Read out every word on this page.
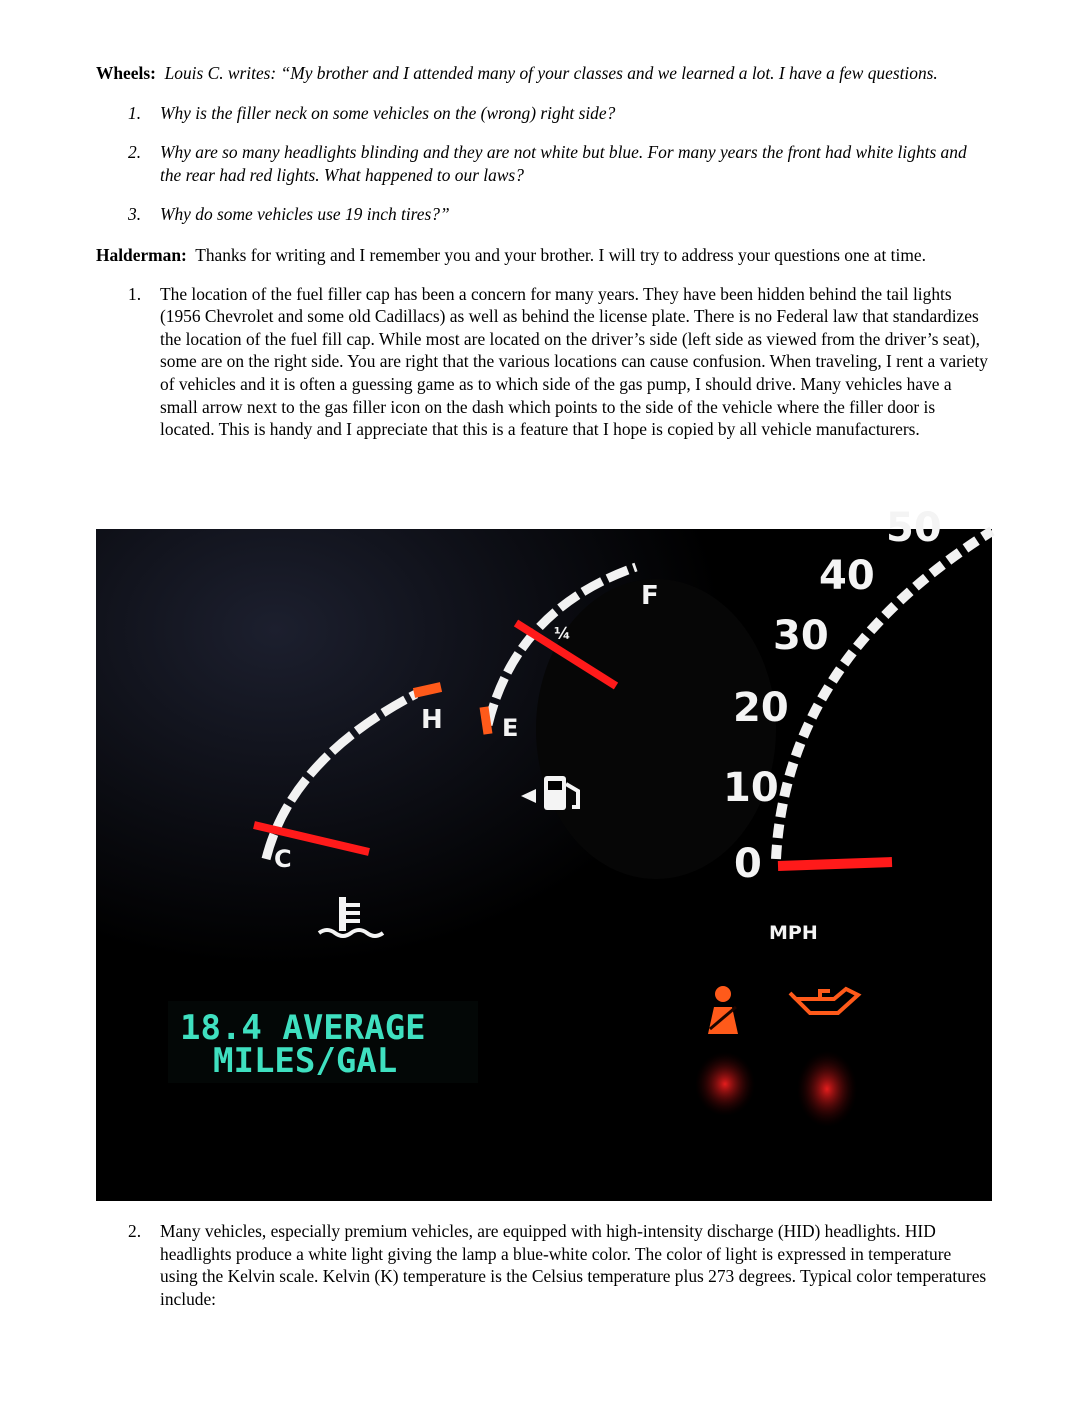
Wheels: Louis C. writes: “My brother and I attended many of your classes and we learned a lot. I have a few questions.

1. Why is the filler neck on some vehicles on the (wrong) right side?
2. Why are so many headlights blinding and they are not white but blue. For many years the front had white lights and the rear had red lights. What happened to our laws?
3. Why do some vehicles use 19 inch tires?”

Halderman: Thanks for writing and I remember you and your brother. I will try to address your questions one at time.

1. The location of the fuel filler cap has been a concern for many years. They have been hidden behind the tail lights (1956 Chevrolet and some old Cadillacs) as well as behind the license plate. There is no Federal law that standardizes the location of the fuel fill cap. While most are located on the driver’s side (left side as viewed from the driver’s seat), some are on the right side. You are right that the various locations can cause confusion. When traveling, I rent a variety of vehicles and it is often a guessing game as to which side of the gas pump, I should drive. Many vehicles have a small arrow next to the gas filler icon on the dash which points to the side of the vehicle where the filler door is located. This is handy and I appreciate that this is a feature that I hope is copied by all vehicle manufacturers.
C
H E
¼
F
0
10
20
30
40
50
MPH
18.4 AVERAGE
MILES/GAL
2. Many vehicles, especially premium vehicles, are equipped with high-intensity discharge (HID) headlights. HID headlights produce a white light giving the lamp a blue-white color. The color of light is expressed in temperature using the Kelvin scale. Kelvin (K) temperature is the Celsius temperature plus 273 degrees. Typical color temperatures include:
